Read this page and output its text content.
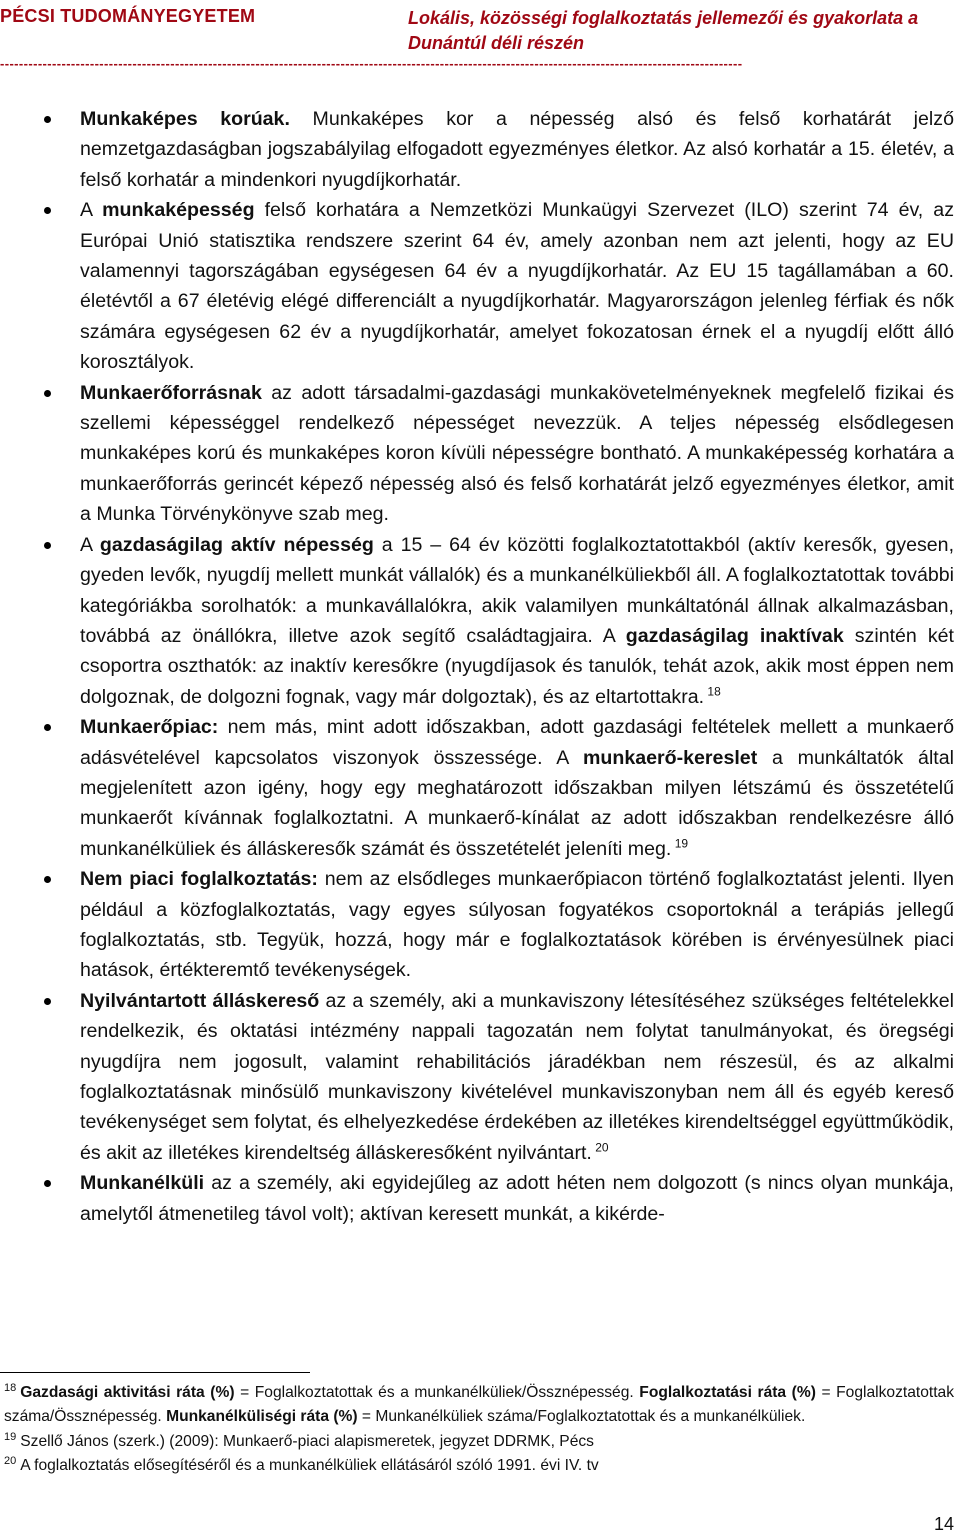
PÉCSI TUDOMÁNYEGYETEM	Lokális, közösségi foglalkoztatás jellemezői és gyakorlata a Dunántúl déli részén
-------------------------------------------------------------------------------------------------------------------------------------------------------------
Munkaképes korúak. Munkaképes kor a népesség alsó és felső korhatárát jelző nemzetgazdaságban jogszabályilag elfogadott egyezményes életkor. Az alsó korhatár a 15. életév, a felső korhatár a mindenkori nyugdíjkorhatár.
A munkaképesség felső korhatára a Nemzetközi Munkaügyi Szervezet (ILO) szerint 74 év, az Európai Unió statisztika rendszere szerint 64 év, amely azonban nem azt jelenti, hogy az EU valamennyi tagországában egységesen 64 év a nyugdíjkorhatár. Az EU 15 tagállamában a 60. életévtől a 67 életévig elégé differenciált a nyugdíjkorhatár. Magyarországon jelenleg férfiak és nők számára egységesen 62 év a nyugdíjkorhatár, amelyet fokozatosan érnek el a nyugdíj előtt álló korosztályok.
Munkaerőforrásnak az adott társadalmi-gazdasági munkakövetelményeknek megfelelő fizikai és szellemi képességgel rendelkező népességet nevezzük. A teljes népesség elsődlegesen munkaképes korú és munkaképes koron kívüli népességre bontható. A munkaképesség korhatára a munkaerőforrás gerincét képező népesség alsó és felső korhatárát jelző egyezményes életkor, amit a Munka Törvénykönyve szab meg.
A gazdaságilag aktív népesség a 15 – 64 év közötti foglalkoztatottakból (aktív keresők, gyesen, gyeden levők, nyugdíj mellett munkát vállalók) és a munkanélküliekből áll. A foglalkoztatottak további kategóriákba sorolhatók: a munkavállalókra, akik valamilyen munkáltatónál állnak alkalmazásban, továbbá az önállókra, illetve azok segítő családtagjaira. A gazdaságilag inaktívak szintén két csoportra oszthatók: az inaktív keresőkre (nyugdíjasok és tanulók, tehát azok, akik most éppen nem dolgoznak, de dolgozni fognak, vagy már dolgoztak), és az eltartottakra. $^{18}$
Munkaerőpiac: nem más, mint adott időszakban, adott gazdasági feltételek mellett a munkaerő adásvételével kapcsolatos viszonyok összessége. A munkaerő-kereslet a munkáltatók által megjelenített azon igény, hogy egy meghatározott időszakban milyen létszámú és összetételű munkaerőt kívánnak foglalkoztatni. A munkaerő-kínálat az adott időszakban rendelkezésre álló munkanélküliek és álláskeresők számát és összetételét jeleníti meg. $^{19}$
Nem piaci foglalkoztatás: nem az elsődleges munkaerőpiacon történő foglalkoztatást jelenti. Ilyen például a közfoglalkoztatás, vagy egyes súlyosan fogyatékos csoportoknál a terápiás jellegű foglalkoztatás, stb. Tegyük, hozzá, hogy már e foglalkoztatások körében is érvényesülnek piaci hatások, értékteremtő tevékenységek.
Nyilvántartott álláskereső az a személy, aki a munkaviszony létesítéséhez szükséges feltételekkel rendelkezik, és oktatási intézmény nappali tagozatán nem folytat tanulmányokat, és öregségi nyugdíjra nem jogosult, valamint rehabilitációs járadékban nem részesül, és az alkalmi foglalkoztatásnak minősülő munkaviszony kivételével munkaviszonyban nem áll és egyéb kereső tevékenységet sem folytat, és elhelyezkedése érdekében az illetékes kirendeltséggel együttműködik, és akit az illetékes kirendeltség álláskeresőként nyilvántart. $^{20}$
Munkanélküli az a személy, aki egyidejűleg az adott héten nem dolgozott (s nincs olyan munkája, amelytől átmenetileg távol volt); aktívan keresett munkát, a kikérde-
$^{18}$ Gazdasági aktivitási ráta (%) = Foglalkoztatottak és a munkanélküliek/Össznépesség. Foglalkoztatási ráta (%) = Foglalkoztatottak száma/Össznépesség. Munkanélküliségi ráta (%) = Munkanélküliek száma/Foglalkoztatottak és a munkanélküliek.
$^{19}$ Szellő János (szerk.) (2009): Munkaerő-piaci alapismeretek, jegyzet DDRMK, Pécs
$^{20}$ A foglalkoztatás elősegítéséről és a munkanélküliek ellátásáról szóló 1991. évi IV. tv
14
